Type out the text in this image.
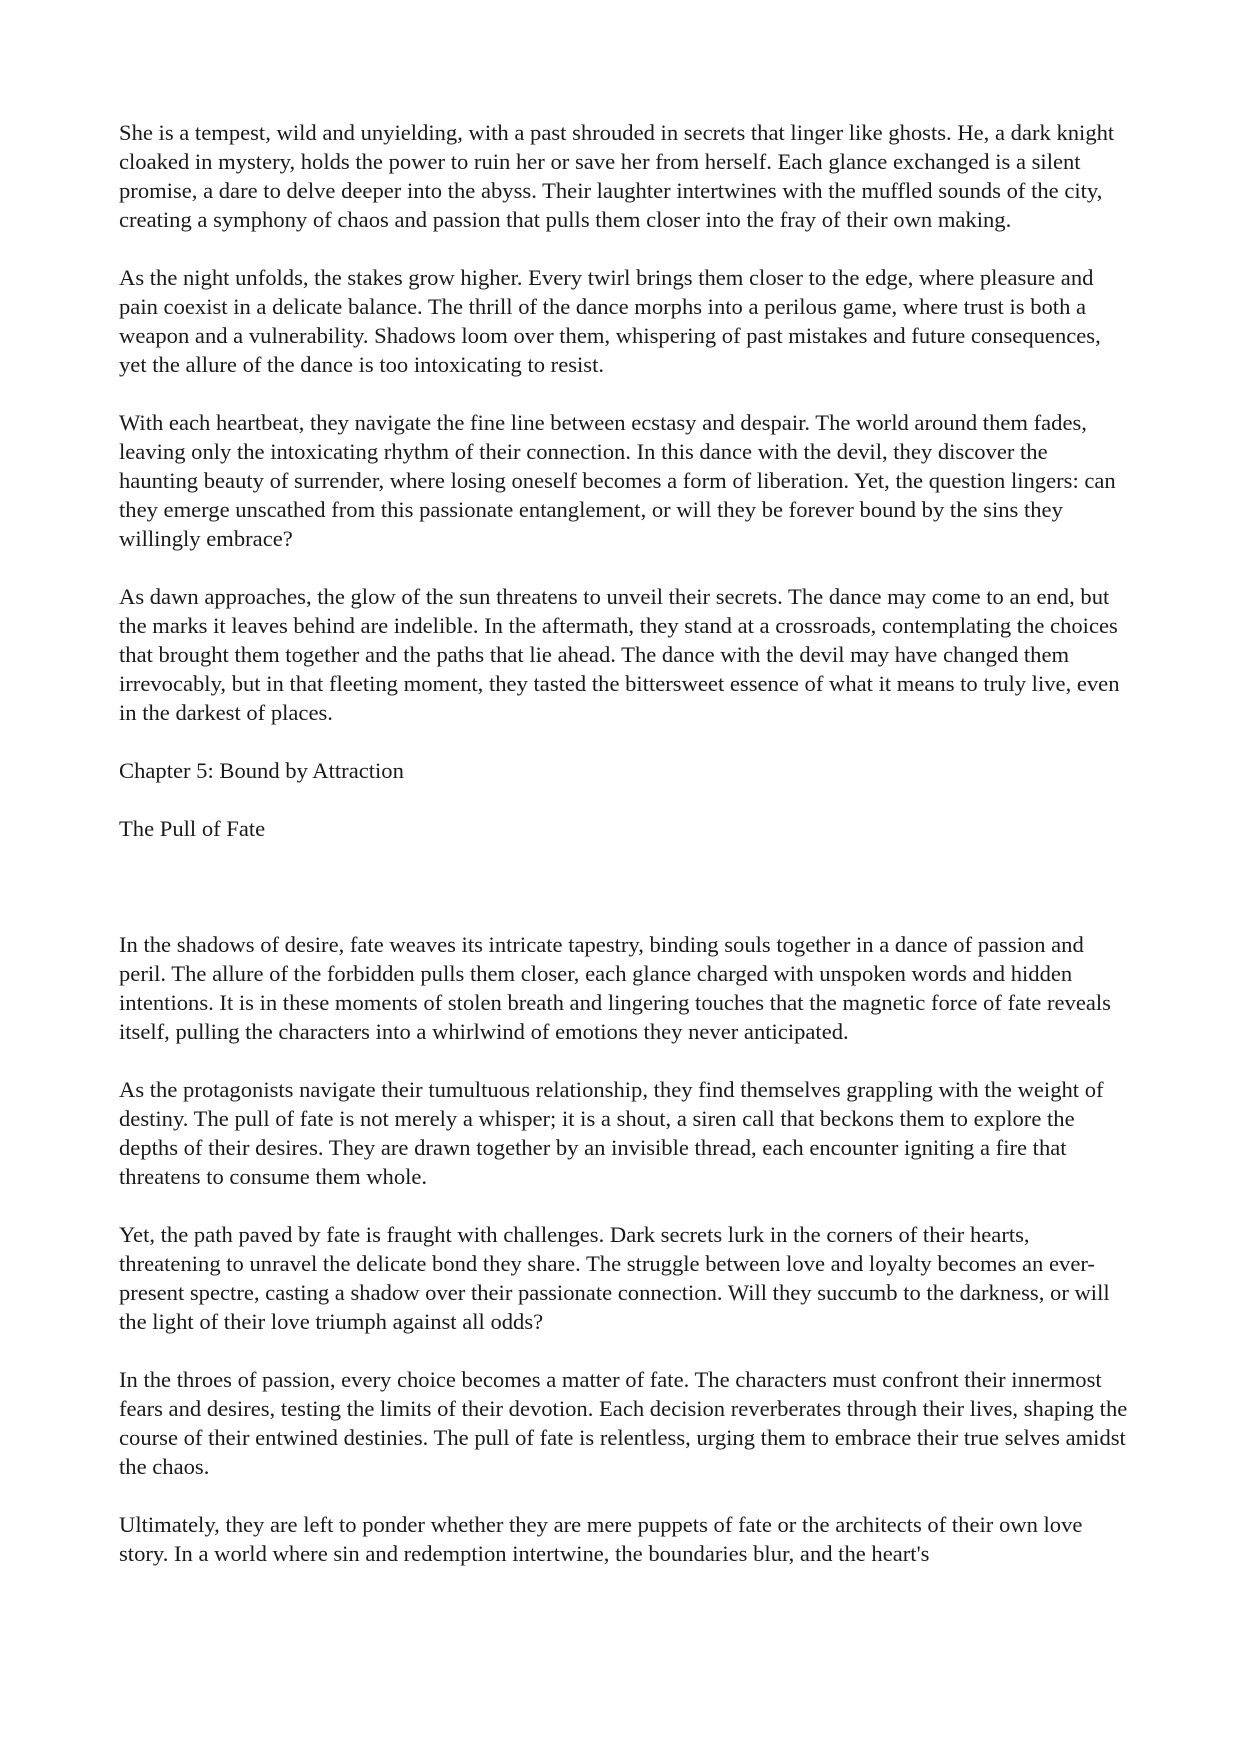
She is a tempest, wild and unyielding, with a past shrouded in secrets that linger like ghosts. He, a dark knight cloaked in mystery, holds the power to ruin her or save her from herself. Each glance exchanged is a silent promise, a dare to delve deeper into the abyss. Their laughter intertwines with the muffled sounds of the city, creating a symphony of chaos and passion that pulls them closer into the fray of their own making.

As the night unfolds, the stakes grow higher. Every twirl brings them closer to the edge, where pleasure and pain coexist in a delicate balance. The thrill of the dance morphs into a perilous game, where trust is both a weapon and a vulnerability. Shadows loom over them, whispering of past mistakes and future consequences, yet the allure of the dance is too intoxicating to resist.

With each heartbeat, they navigate the fine line between ecstasy and despair. The world around them fades, leaving only the intoxicating rhythm of their connection. In this dance with the devil, they discover the haunting beauty of surrender, where losing oneself becomes a form of liberation. Yet, the question lingers: can they emerge unscathed from this passionate entanglement, or will they be forever bound by the sins they willingly embrace?

As dawn approaches, the glow of the sun threatens to unveil their secrets. The dance may come to an end, but the marks it leaves behind are indelible. In the aftermath, they stand at a crossroads, contemplating the choices that brought them together and the paths that lie ahead. The dance with the devil may have changed them irrevocably, but in that fleeting moment, they tasted the bittersweet essence of what it means to truly live, even in the darkest of places.

Chapter 5: Bound by Attraction

The Pull of Fate

In the shadows of desire, fate weaves its intricate tapestry, binding souls together in a dance of passion and peril. The allure of the forbidden pulls them closer, each glance charged with unspoken words and hidden intentions. It is in these moments of stolen breath and lingering touches that the magnetic force of fate reveals itself, pulling the characters into a whirlwind of emotions they never anticipated.

As the protagonists navigate their tumultuous relationship, they find themselves grappling with the weight of destiny. The pull of fate is not merely a whisper; it is a shout, a siren call that beckons them to explore the depths of their desires. They are drawn together by an invisible thread, each encounter igniting a fire that threatens to consume them whole.

Yet, the path paved by fate is fraught with challenges. Dark secrets lurk in the corners of their hearts, threatening to unravel the delicate bond they share. The struggle between love and loyalty becomes an ever-present spectre, casting a shadow over their passionate connection. Will they succumb to the darkness, or will the light of their love triumph against all odds?

In the throes of passion, every choice becomes a matter of fate. The characters must confront their innermost fears and desires, testing the limits of their devotion. Each decision reverberates through their lives, shaping the course of their entwined destinies. The pull of fate is relentless, urging them to embrace their true selves amidst the chaos.

Ultimately, they are left to ponder whether they are mere puppets of fate or the architects of their own love story. In a world where sin and redemption intertwine, the boundaries blur, and the heart's
